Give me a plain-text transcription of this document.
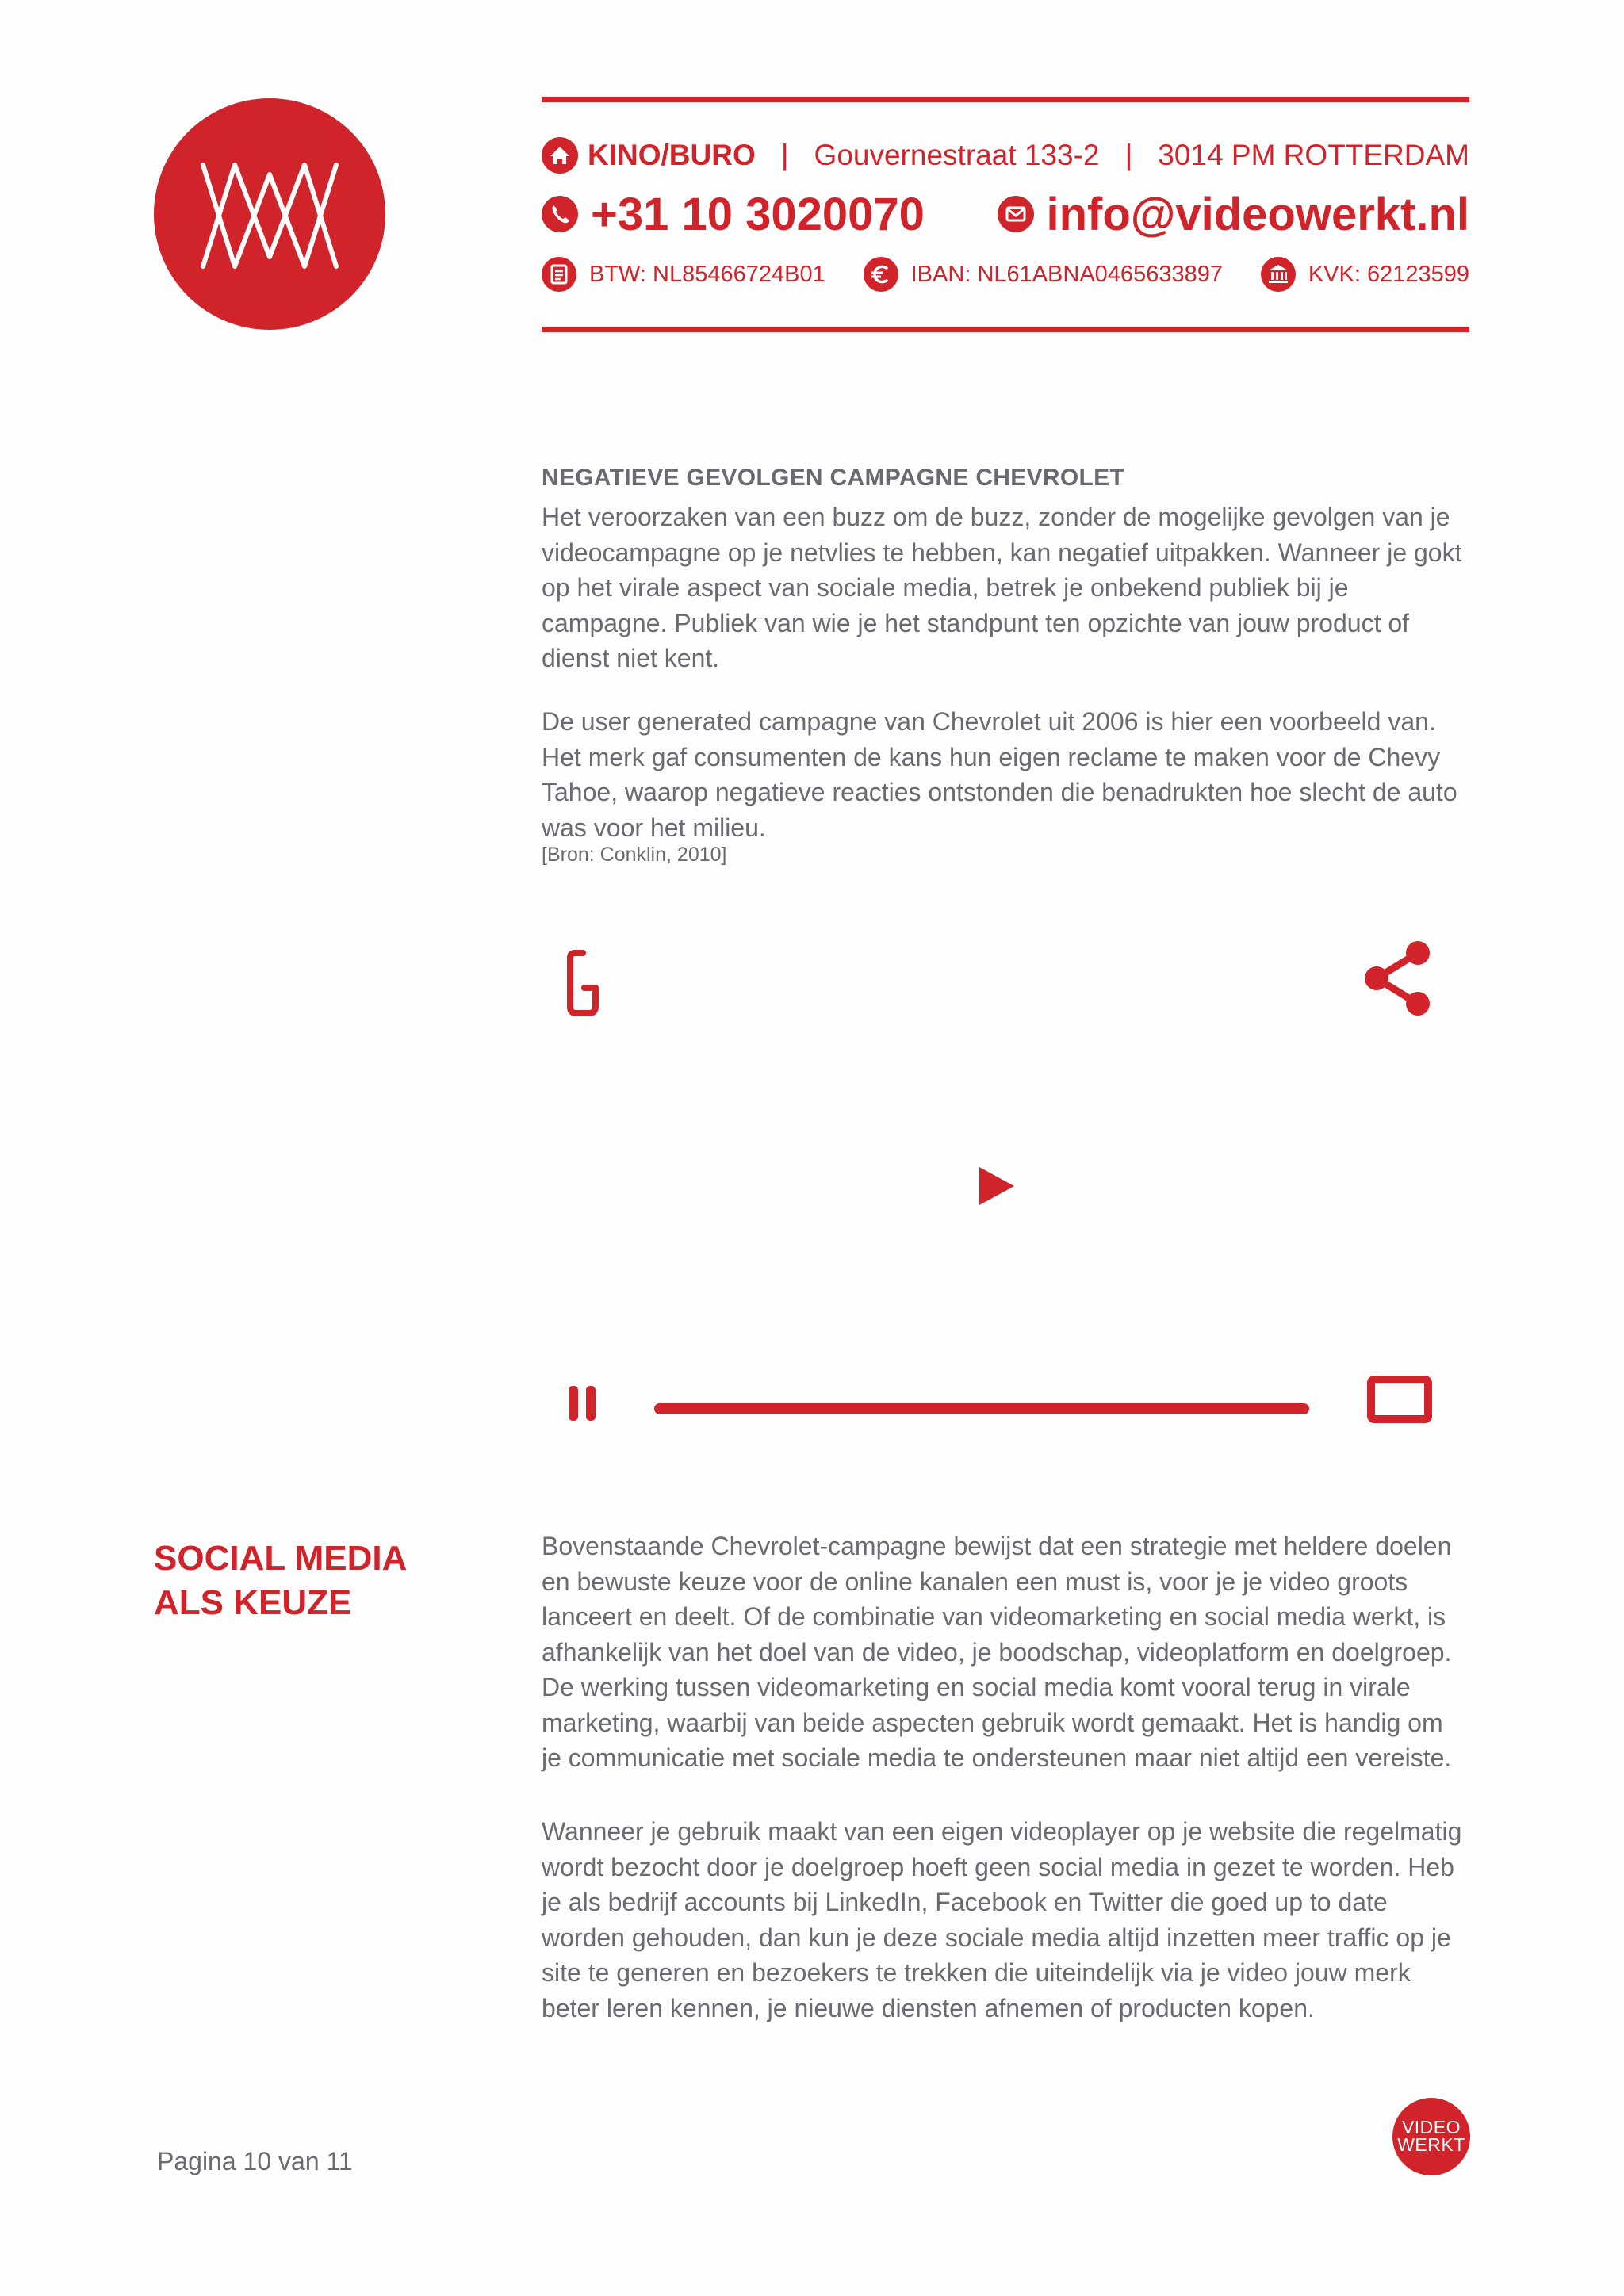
KINO/BURO | Gouvernestraat 133-2 | 3014 PM ROTTERDAM
+31 10 3020070	info@videowerkt.nl
BTW: NL85466724B01	IBAN: NL61ABNA0465633897	KVK: 62123599
NEGATIEVE GEVOLGEN CAMPAGNE CHEVROLET

Het veroorzaken van een buzz om de buzz, zonder de mogelijke gevolgen van je videocampagne op je netvlies te hebben, kan negatief uitpakken. Wanneer je gokt op het virale aspect van sociale media, betrek je onbekend publiek bij je campagne. Publiek van wie je het standpunt ten opzichte van jouw product of dienst niet kent.

De user generated campagne van Chevrolet uit 2006 is hier een voorbeeld van. Het merk gaf consumenten de kans hun eigen reclame te maken voor de Chevy Tahoe, waarop negatieve reacties ontstonden die benadrukten hoe slecht de auto was voor het milieu.

[Bron: Conklin, 2010]
SOCIAL MEDIA
ALS KEUZE

Bovenstaande Chevrolet-campagne bewijst dat een strategie met heldere doelen en bewuste keuze voor de online kanalen een must is, voor je je video groots lanceert en deelt. Of de combinatie van videomarketing en social media werkt, is afhankelijk van het doel van de video, je boodschap, videoplatform en doelgroep. De werking tussen videomarketing en social media komt vooral terug in virale marketing, waarbij van beide aspecten gebruik wordt gemaakt. Het is handig om je communicatie met sociale media te ondersteunen maar niet altijd een vereiste.

Wanneer je gebruik maakt van een eigen videoplayer op je website die regelmatig wordt bezocht door je doelgroep hoeft geen social media in gezet te worden. Heb je als bedrijf accounts bij LinkedIn, Facebook en Twitter die goed up to date worden gehouden, dan kun je deze sociale media altijd inzetten meer traffic op je site te generen en bezoekers te trekken die uiteindelijk via je video jouw merk beter leren kennen, je nieuwe diensten afnemen of producten kopen.

Pagina 10 van 11
VIDEO
WERKT
